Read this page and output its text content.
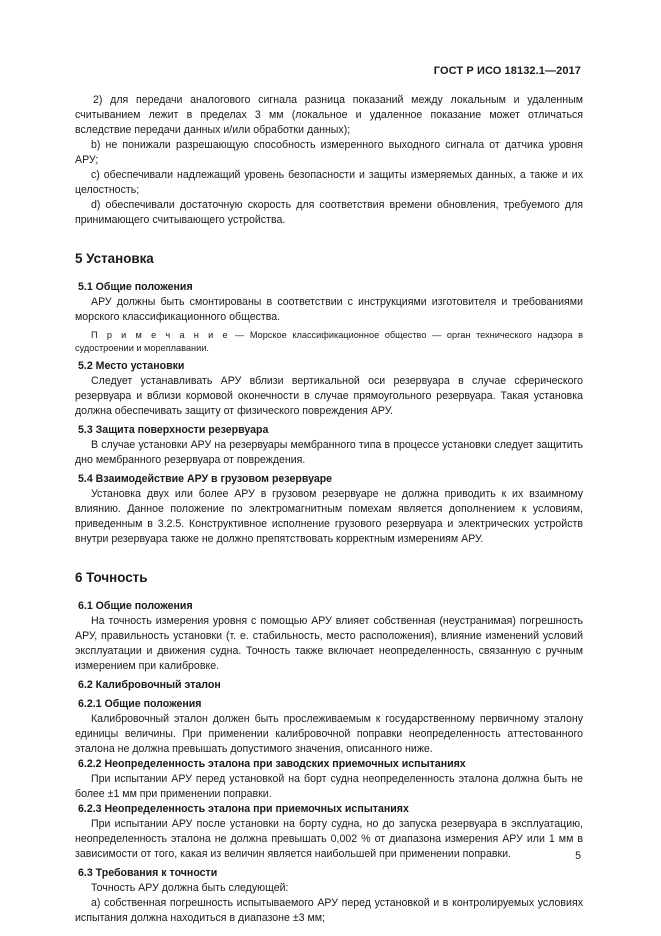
ГОСТ Р ИСО 18132.1—2017

2) для передачи аналогового сигнала разница показаний между локальным и удаленным считыванием лежит в пределах 3 мм (локальное и удаленное показание может отличаться вследствие передачи данных и/или обработки данных);

b) не понижали разрешающую способность измеренного выходного сигнала от датчика уровня АРУ;

c) обеспечивали надлежащий уровень безопасности и защиты измеряемых данных, а также и их целостность;

d) обеспечивали достаточную скорость для соответствия времени обновления, требуемого для принимающего считывающего устройства.

5 Установка

5.1 Общие положения

АРУ должны быть смонтированы в соответствии с инструкциями изготовителя и требованиями морского классификационного общества.

П р и м е ч а н и е — Морское классификационное общество — орган технического надзора в судостроении и мореплавании.

5.2 Место установки

Следует устанавливать АРУ вблизи вертикальной оси резервуара в случае сферического резервуара и вблизи кормовой оконечности в случае прямоугольного резервуара. Такая установка должна обеспечивать защиту от физического повреждения АРУ.

5.3 Защита поверхности резервуара

В случае установки АРУ на резервуары мембранного типа в процессе установки следует защитить дно мембранного резервуара от повреждения.

5.4 Взаимодействие АРУ в грузовом резервуаре

Установка двух или более АРУ в грузовом резервуаре не должна приводить к их взаимному влиянию. Данное положение по электромагнитным помехам является дополнением к условиям, приведенным в 3.2.5. Конструктивное исполнение грузового резервуара и электрических устройств внутри резервуара также не должно препятствовать корректным измерениям АРУ.

6 Точность

6.1 Общие положения

На точность измерения уровня с помощью АРУ влияет собственная (неустранимая) погрешность АРУ, правильность установки (т. е. стабильность, место расположения), влияние изменений условий эксплуатации и движения судна. Точность также включает неопределенность, связанную с ручным измерением при калибровке.

6.2 Калибровочный эталон

6.2.1 Общие положения

Калибровочный эталон должен быть прослеживаемым к государственному первичному эталону единицы величины. При применении калибровочной поправки неопределенность аттестованного эталона не должна превышать допустимого значения, описанного ниже.

6.2.2 Неопределенность эталона при заводских приемочных испытаниях

При испытании АРУ перед установкой на борт судна неопределенность эталона должна быть не более ±1 мм при применении поправки.

6.2.3 Неопределенность эталона при приемочных испытаниях

При испытании АРУ после установки на борту судна, но до запуска резервуара в эксплуатацию, неопределенность эталона не должна превышать 0,002 % от диапазона измерения АРУ или 1 мм в зависимости от того, какая из величин является наибольшей при применении поправки.

6.3 Требования к точности

Точность АРУ должна быть следующей:

a) собственная погрешность испытываемого АРУ перед установкой и в контролируемых условиях испытания должна находиться в диапазоне ±3 мм;

5
